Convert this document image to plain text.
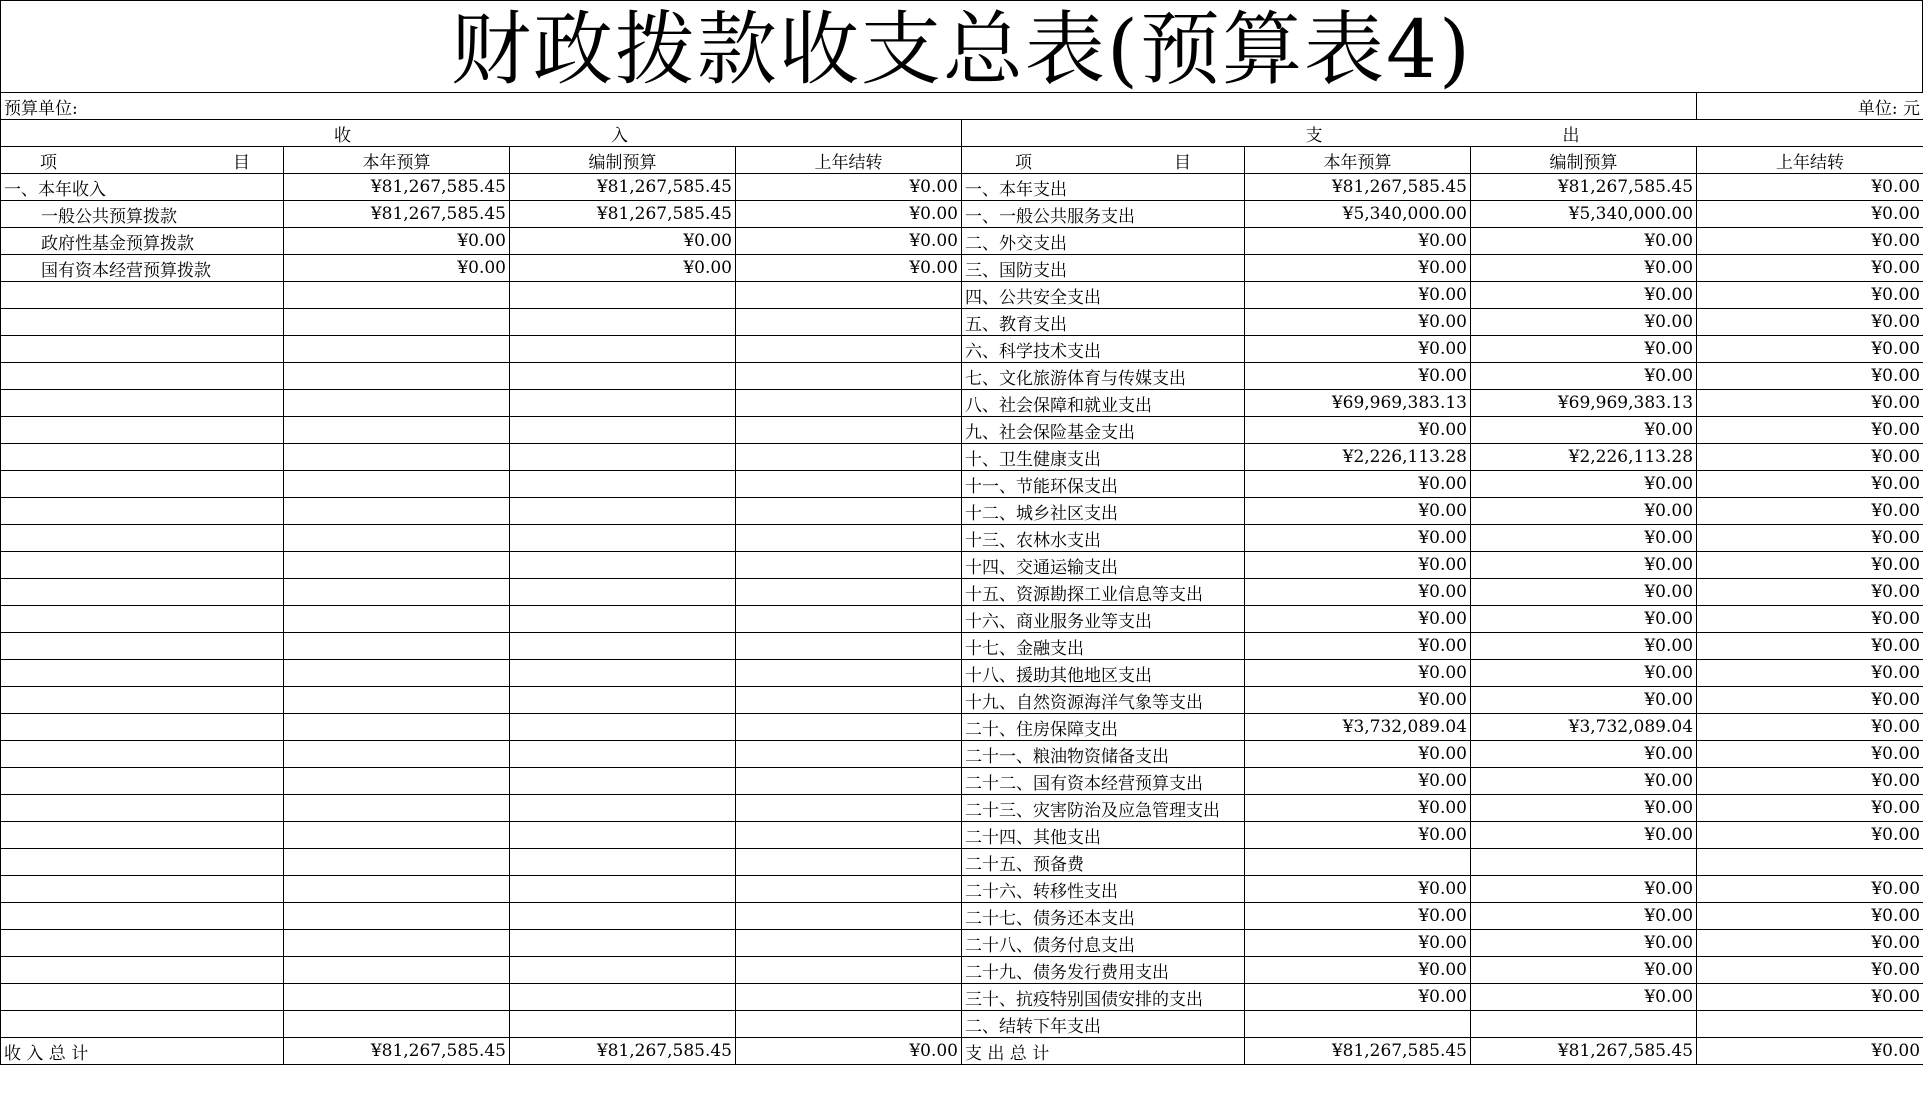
财政拨款收支总表(预算表4)
预算单位:							单位: 元

收 入				支 出			

项 目	本年预算	编制预算	上年结转	项 目	本年预算	编制预算	上年结转
一、本年收入	¥81,267,585.45	¥81,267,585.45	¥0.00	一、本年支出	¥81,267,585.45	¥81,267,585.45	¥0.00
一般公共预算拨款	¥81,267,585.45	¥81,267,585.45	¥0.00	一、一般公共服务支出	¥5,340,000.00	¥5,340,000.00	¥0.00
政府性基金预算拨款	¥0.00	¥0.00	¥0.00	二、外交支出	¥0.00	¥0.00	¥0.00
国有资本经营预算拨款	¥0.00	¥0.00	¥0.00	三、国防支出	¥0.00	¥0.00	¥0.00
				四、公共安全支出	¥0.00	¥0.00	¥0.00
				五、教育支出	¥0.00	¥0.00	¥0.00
				六、科学技术支出	¥0.00	¥0.00	¥0.00
				七、文化旅游体育与传媒支出	¥0.00	¥0.00	¥0.00
				八、社会保障和就业支出	¥69,969,383.13	¥69,969,383.13	¥0.00
				九、社会保险基金支出	¥0.00	¥0.00	¥0.00
				十、卫生健康支出	¥2,226,113.28	¥2,226,113.28	¥0.00
				十一、节能环保支出	¥0.00	¥0.00	¥0.00
				十二、城乡社区支出	¥0.00	¥0.00	¥0.00
				十三、农林水支出	¥0.00	¥0.00	¥0.00
				十四、交通运输支出	¥0.00	¥0.00	¥0.00
				十五、资源勘探工业信息等支出	¥0.00	¥0.00	¥0.00
				十六、商业服务业等支出	¥0.00	¥0.00	¥0.00
				十七、金融支出	¥0.00	¥0.00	¥0.00
				十八、援助其他地区支出	¥0.00	¥0.00	¥0.00
				十九、自然资源海洋气象等支出	¥0.00	¥0.00	¥0.00
				二十、住房保障支出	¥3,732,089.04	¥3,732,089.04	¥0.00
				二十一、粮油物资储备支出	¥0.00	¥0.00	¥0.00
				二十二、国有资本经营预算支出	¥0.00	¥0.00	¥0.00
				二十三、灾害防治及应急管理支出	¥0.00	¥0.00	¥0.00
				二十四、其他支出	¥0.00	¥0.00	¥0.00
				二十五、预备费			
				二十六、转移性支出	¥0.00	¥0.00	¥0.00
				二十七、债务还本支出	¥0.00	¥0.00	¥0.00
				二十八、债务付息支出	¥0.00	¥0.00	¥0.00
				二十九、债务发行费用支出	¥0.00	¥0.00	¥0.00
				三十、抗疫特别国债安排的支出	¥0.00	¥0.00	¥0.00
				二、结转下年支出			
收 入 总 计	¥81,267,585.45	¥81,267,585.45	¥0.00	支 出 总 计	¥81,267,585.45	¥81,267,585.45	¥0.00
